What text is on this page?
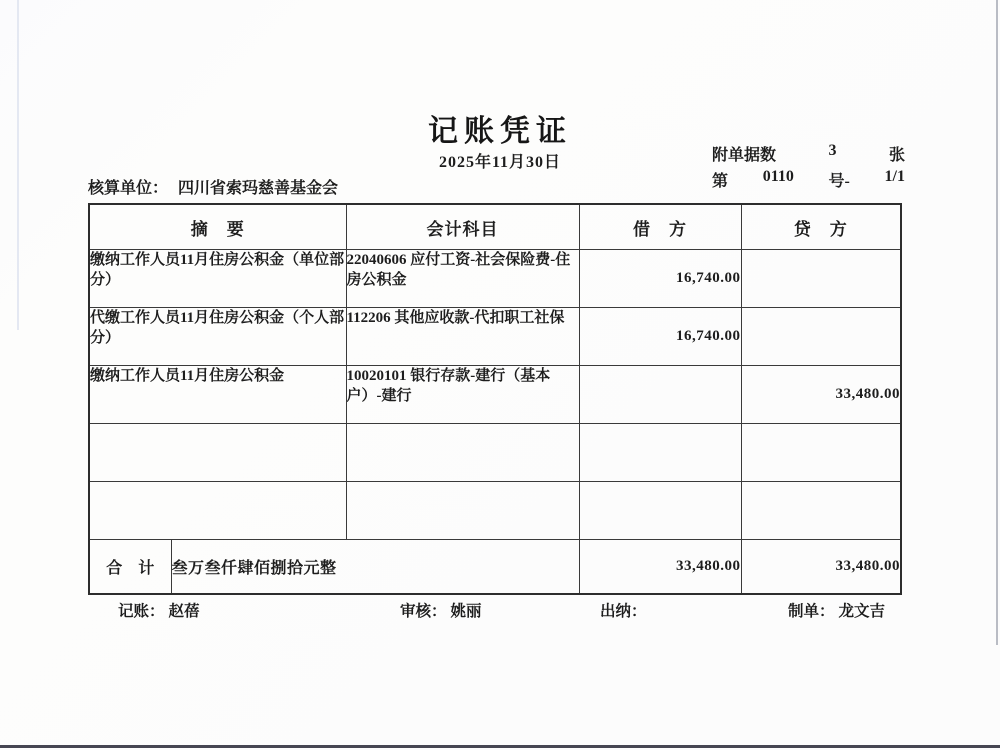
记账凭证
2025年11月30日	附单据数	3	张
第 0110 号- 1/1
核算单位： 四川省索玛慈善基金会
摘　要		会计科目	借　方	贷　方
缴纳工作人员11月住房公积金（单位部分）		22040606 应付工资-社会保险费-住房公积金	16,740.00	
代缴工作人员11月住房公积金（个人部分）		112206 其他应收款-代扣职工社保	16,740.00	
缴纳工作人员11月住房公积金		10020101 银行存款-建行（基本户）-建行		33,480.00

合　计	叁万叁仟肆佰捌拾元整		33,480.00	33,480.00
记账： 赵蓓	审核： 姚丽	出纳：	制单： 龙文吉
